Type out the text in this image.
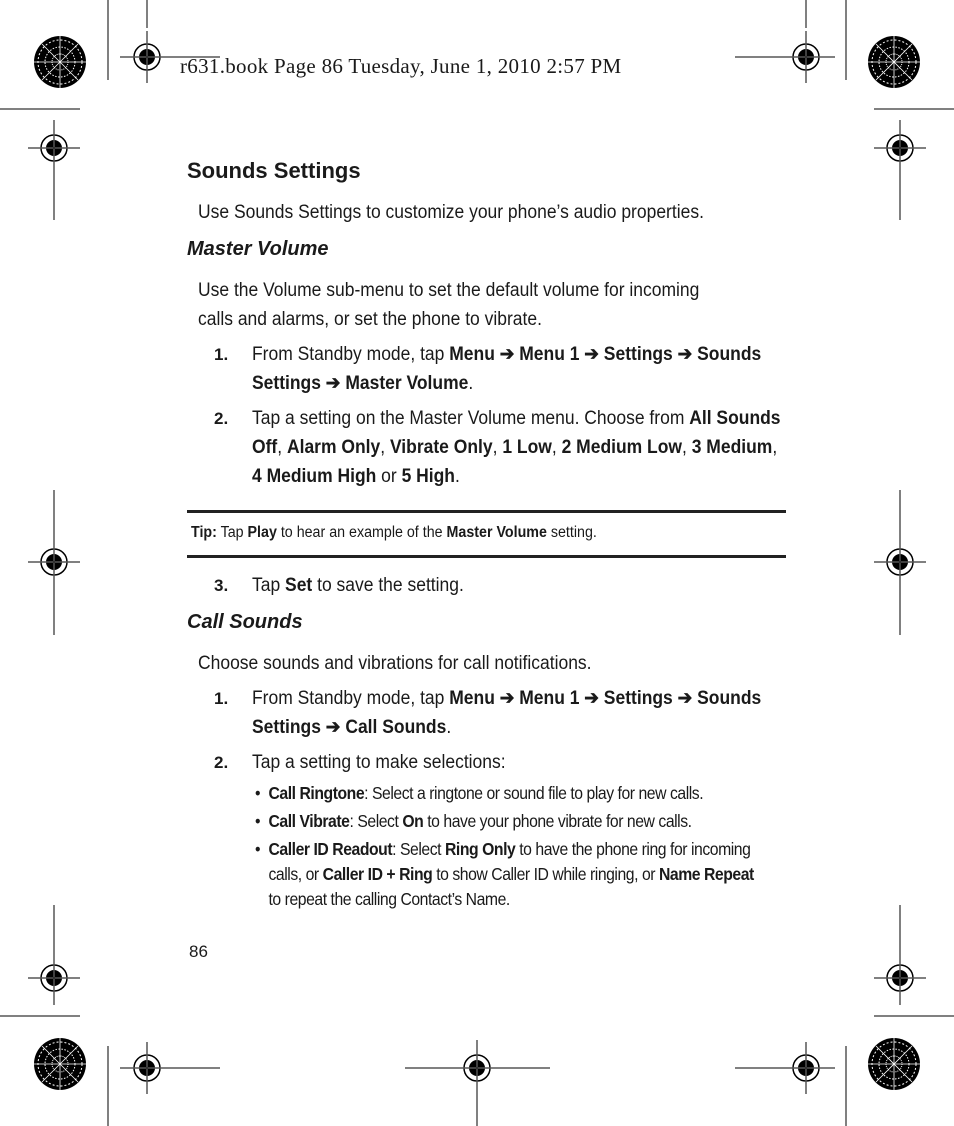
r631.book Page 86 Tuesday, June 1, 2010 2:57 PM
Sounds Settings
Use Sounds Settings to customize your phone’s audio properties.
Master Volume
Use the Volume sub-menu to set the default volume for incoming
calls and alarms, or set the phone to vibrate.
1. From Standby mode, tap Menu ➔ Menu 1 ➔ Settings ➔ Sounds Settings ➔ Master Volume.
2. Tap a setting on the Master Volume menu. Choose from All Sounds Off, Alarm Only, Vibrate Only, 1 Low, 2 Medium Low, 3 Medium, 4 Medium High or 5 High.
Tip: Tap Play to hear an example of the Master Volume setting.
3. Tap Set to save the setting.
Call Sounds
Choose sounds and vibrations for call notifications.
1. From Standby mode, tap Menu ➔ Menu 1 ➔ Settings ➔ Sounds Settings ➔ Call Sounds.
2. Tap a setting to make selections:
• Call Ringtone: Select a ringtone or sound file to play for new calls.
• Call Vibrate: Select On to have your phone vibrate for new calls.
• Caller ID Readout: Select Ring Only to have the phone ring for incoming calls, or Caller ID + Ring to show Caller ID while ringing, or Name Repeat to repeat the calling Contact’s Name.
86
